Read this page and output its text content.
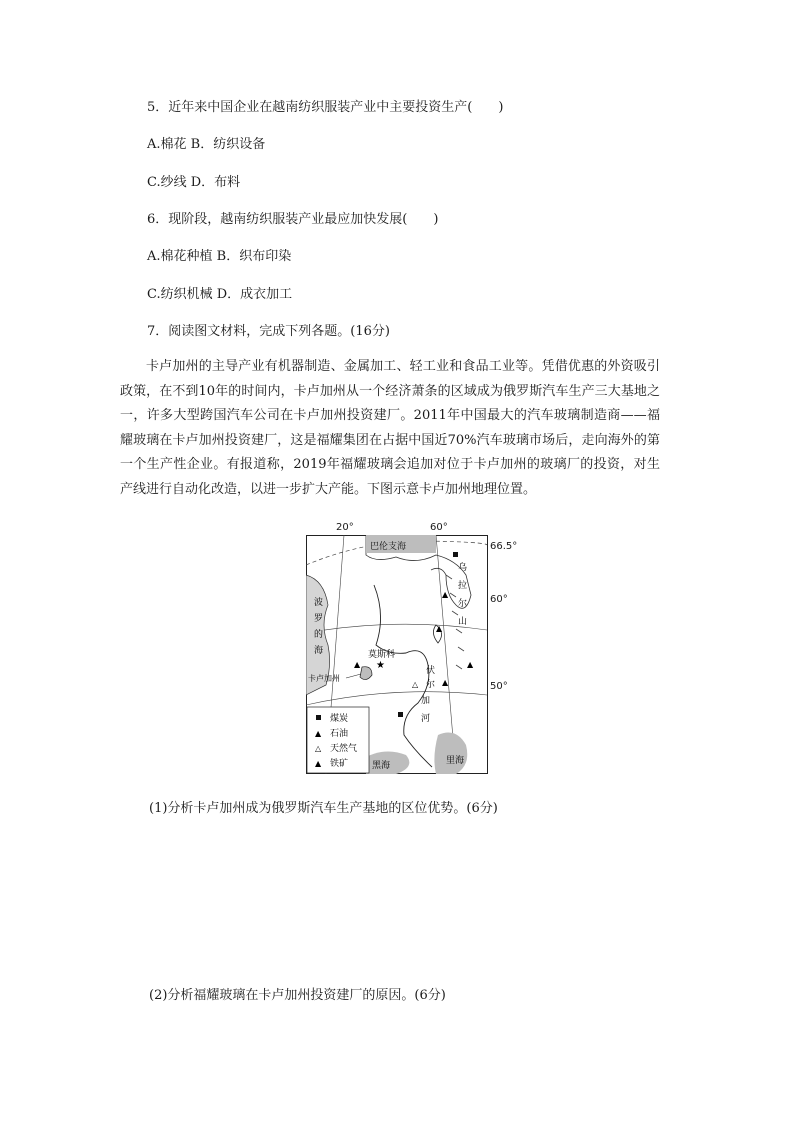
5．近年来中国企业在越南纺织服装产业中主要投资生产(　　)
A.棉花 B．纺织设备
C.纱线 D．布料
6．现阶段，越南纺织服装产业最应加快发展(　　)
A.棉花种植 B．织布印染
C.纺织机械 D．成衣加工
7．阅读图文材料，完成下列各题。(16分)

卡卢加州的主导产业有机器制造、金属加工、轻工业和食品工业等。凭借优惠的外资吸引政策，在不到10年的时间内，卡卢加州从一个经济萧条的区域成为俄罗斯汽车生产三大基地之一，许多大型跨国汽车公司在卡卢加州投资建厂。2011年中国最大的汽车玻璃制造商——福耀玻璃在卡卢加州投资建厂，这是福耀集团在占据中国近70%汽车玻璃市场后，走向海外的第一个生产性企业。有报道称，2019年福耀玻璃会追加对位于卡卢加州的玻璃厂的投资，对生产线进行自动化改造，以进一步扩大产能。下图示意卡卢加州地理位置。

巴伦支海
波
罗
的
海
乌
拉
尔
山
伏
尔
加
河
莫斯科
★
卡卢加州
▲
▲
▲
△
▲
▲
黑海	里海
煤炭
▲ 石油
△ 天然气
▲ 铁矿
20°	60°
66.5°
60°
50°
(1)分析卡卢加州成为俄罗斯汽车生产基地的区位优势。(6分)
(2)分析福耀玻璃在卡卢加州投资建厂的原因。(6分)
